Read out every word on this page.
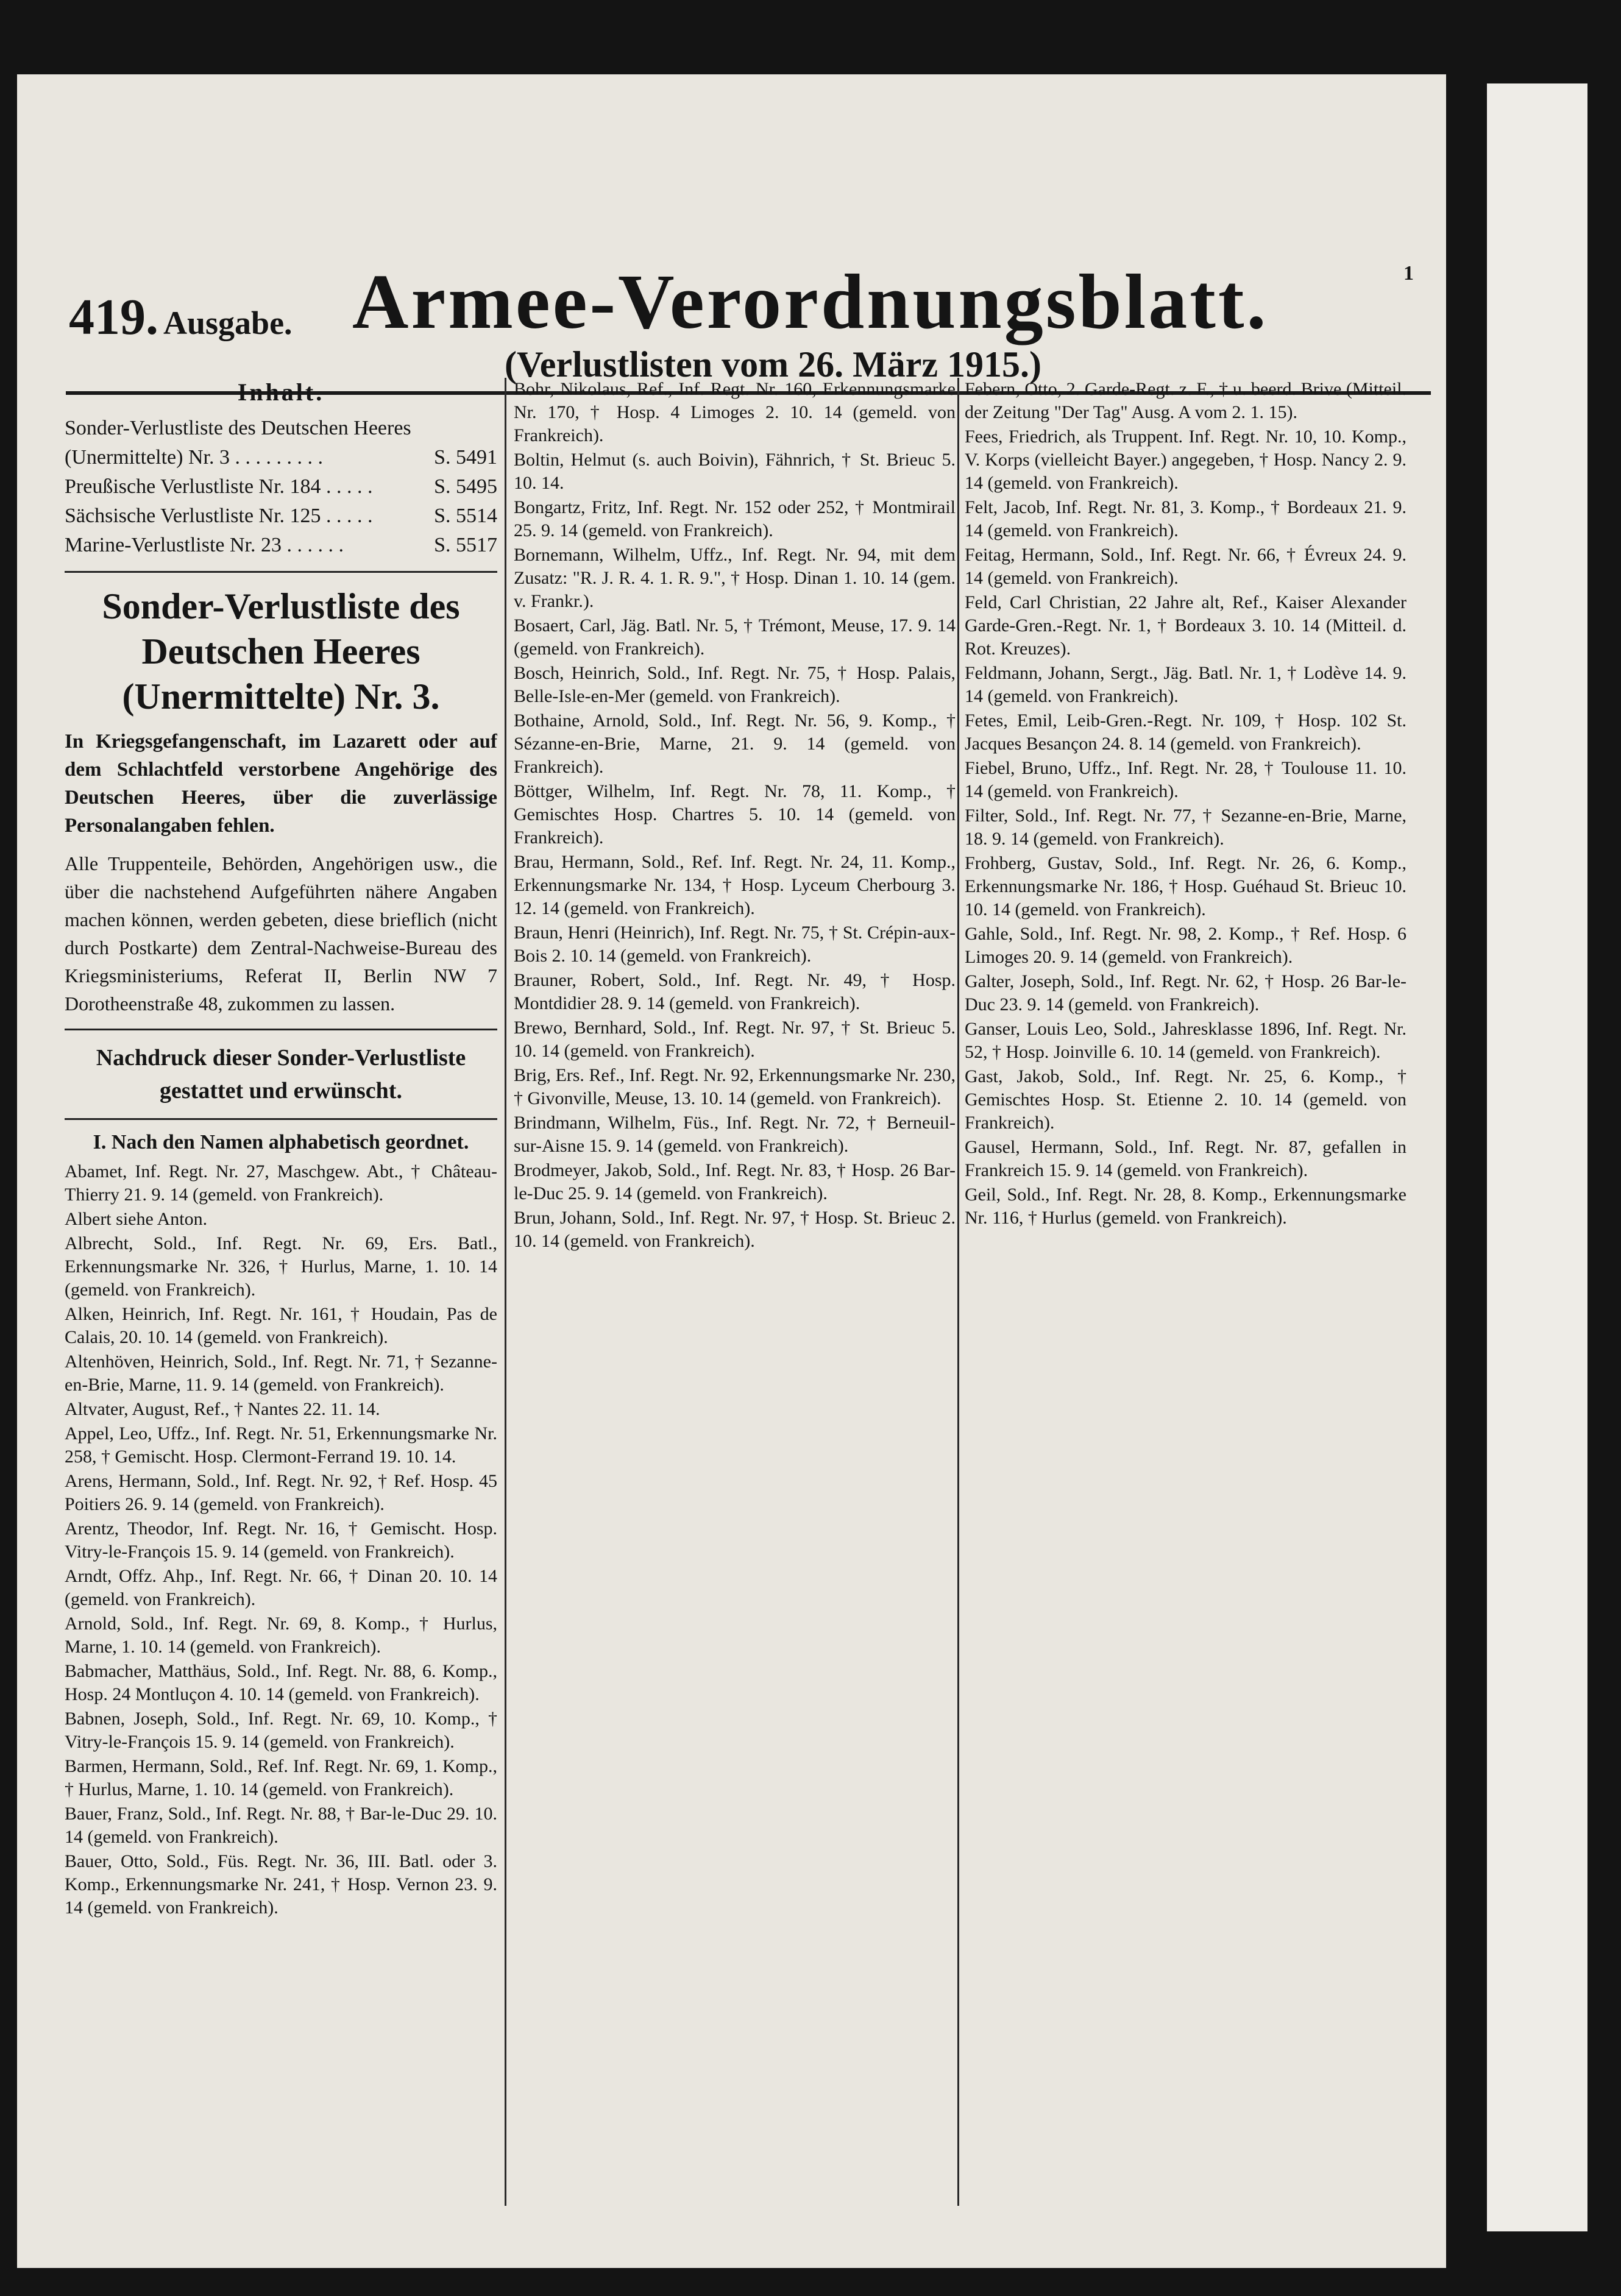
419. Ausgabe. Armee-Verordnungsblatt.
(Verlustlisten vom 26. März 1915.)
1
Inhalt.
Sonder-Verlustliste des Deutschen Heeres
(Unermittelte) Nr. 3 . . . . . . . . .	S. 5491
Preußische Verlustliste Nr. 184 . . . . .	S. 5495
Sächsische Verlustliste Nr. 125 . . . . .	S. 5514
Marine-Verlustliste Nr. 23 . . . . . .	S. 5517
Sonder-Verlustliste des Deutschen Heeres (Unermittelte) Nr. 3.
In Kriegsgefangenschaft, im Lazarett oder auf dem Schlachtfeld verstorbene Angehörige des Deutschen Heeres, über die zuverlässige Personalangaben fehlen.
Alle Truppenteile, Behörden, Angehörigen usw., die über die nachstehend Aufgeführten nähere Angaben machen können, werden gebeten, diese brieflich (nicht durch Postkarte) dem Zentral-Nachweise-Bureau des Kriegsministeriums, Referat II, Berlin NW 7 Dorotheenstraße 48, zukommen zu lassen.
Nachdruck dieser Sonder-Verlustliste gestattet und erwünscht.
I. Nach den Namen alphabetisch geordnet.
Abamet, Inf. Regt. Nr. 27, Maschgew. Abt., † Château-Thierry 21. 9. 14 (gemeld. von Frankreich).
Albert siehe Anton.
Albrecht, Sold., Inf. Regt. Nr. 69, Ers. Batl., Erkennungsmarke Nr. 326, † Hurlus, Marne, 1. 10. 14 (gemeld. von Frankreich).
Alken, Heinrich, Inf. Regt. Nr. 161, † Houdain, Pas de Calais, 20. 10. 14 (gemeld. von Frankreich).
Altenhöven, Heinrich, Sold., Inf. Regt. Nr. 71, † Sezanne-en-Brie, Marne, 11. 9. 14 (gemeld. von Frankreich).
Altvater, August, Ref., † Nantes 22. 11. 14.
Appel, Leo, Uffz., Inf. Regt. Nr. 51, Erkennungsmarke Nr. 258, † Gemischt. Hosp. Clermont-Ferrand 19. 10. 14.
Arens, Hermann, Sold., Inf. Regt. Nr. 92, † Ref. Hosp. 45 Poitiers 26. 9. 14 (gemeld. von Frankreich).
Arentz, Theodor, Inf. Regt. Nr. 16, † Gemischt. Hosp. Vitry-le-François 15. 9. 14 (gemeld. von Frankreich).
Arndt, Offz. Ahp., Inf. Regt. Nr. 66, † Dinan 20. 10. 14 (gemeld. von Frankreich).
Arnold, Sold., Inf. Regt. Nr. 69, 8. Komp., † Hurlus, Marne, 1. 10. 14 (gemeld. von Frankreich).
Babmacher, Matthäus, Sold., Inf. Regt. Nr. 88, 6. Komp., Hosp. 24 Montluçon 4. 10. 14 (gemeld. von Frankreich).
Babnen, Joseph, Sold., Inf. Regt. Nr. 69, 10. Komp., † Vitry-le-François 15. 9. 14 (gemeld. von Frankreich).
Barmen, Hermann, Sold., Ref. Inf. Regt. Nr. 69, 1. Komp., † Hurlus, Marne, 1. 10. 14 (gemeld. von Frankreich).
Bauer, Franz, Sold., Inf. Regt. Nr. 88, † Bar-le-Duc 29. 10. 14 (gemeld. von Frankreich).
Bauer, Otto, Sold., Füs. Regt. Nr. 36, III. Batl. oder 3. Komp., Erkennungsmarke Nr. 241, † Hosp. Vernon 23. 9. 14 (gemeld. von Frankreich).
Bohr, Nikolaus, Ref., Inf. Regt. Nr. 160, Erkennungsmarke Nr. 170, † Hosp. 4 Limoges 2. 10. 14 (gemeld. von Frankreich).
Boltin, Helmut (s. auch Boivin), Fähnrich, † St. Brieuc 5. 10. 14.
Bongartz, Fritz, Inf. Regt. Nr. 152 oder 252, † Montmirail 25. 9. 14 (gemeld. von Frankreich).
Bornemann, Wilhelm, Uffz., Inf. Regt. Nr. 94, mit dem Zusatz: "R. J. R. 4. 1. R. 9.", † Hosp. Dinan 1. 10. 14 (gem. v. Frankr.).
Bosaert, Carl, Jäg. Batl. Nr. 5, † Trémont, Meuse, 17. 9. 14 (gemeld. von Frankreich).
Bosch, Heinrich, Sold., Inf. Regt. Nr. 75, † Hosp. Palais, Belle-Isle-en-Mer (gemeld. von Frankreich).
Bothaine, Arnold, Sold., Inf. Regt. Nr. 56, 9. Komp., † Sézanne-en-Brie, Marne, 21. 9. 14 (gemeld. von Frankreich).
Böttger, Wilhelm, Inf. Regt. Nr. 78, 11. Komp., † Gemischtes Hosp. Chartres 5. 10. 14 (gemeld. von Frankreich).
Brau, Hermann, Sold., Ref. Inf. Regt. Nr. 24, 11. Komp., Erkennungsmarke Nr. 134, † Hosp. Lyceum Cherbourg 3. 12. 14 (gemeld. von Frankreich).
Braun, Henri (Heinrich), Inf. Regt. Nr. 75, † St. Crépin-aux-Bois 2. 10. 14 (gemeld. von Frankreich).
Brauner, Robert, Sold., Inf. Regt. Nr. 49, † Hosp. Montdidier 28. 9. 14 (gemeld. von Frankreich).
Brewo, Bernhard, Sold., Inf. Regt. Nr. 97, † St. Brieuc 5. 10. 14 (gemeld. von Frankreich).
Brig, Ers. Ref., Inf. Regt. Nr. 92, Erkennungsmarke Nr. 230, † Givonville, Meuse, 13. 10. 14 (gemeld. von Frankreich).
Brindmann, Wilhelm, Füs., Inf. Regt. Nr. 72, † Berneuil-sur-Aisne 15. 9. 14 (gemeld. von Frankreich).
Brodmeyer, Jakob, Sold., Inf. Regt. Nr. 83, † Hosp. 26 Bar-le-Duc 25. 9. 14 (gemeld. von Frankreich).
Brun, Johann, Sold., Inf. Regt. Nr. 97, † Hosp. St. Brieuc 2. 10. 14 (gemeld. von Frankreich).
Febern, Otto, 2. Garde-Regt. z. F., † u. beerd. Brive (Mitteil. der Zeitung "Der Tag" Ausg. A vom 2. 1. 15).
Fees, Friedrich, als Truppent. Inf. Regt. Nr. 10, 10. Komp., V. Korps (vielleicht Bayer.) angegeben, † Hosp. Nancy 2. 9. 14 (gemeld. von Frankreich).
Felt, Jacob, Inf. Regt. Nr. 81, 3. Komp., † Bordeaux 21. 9. 14 (gemeld. von Frankreich).
Feitag, Hermann, Sold., Inf. Regt. Nr. 66, † Évreux 24. 9. 14 (gemeld. von Frankreich).
Feld, Carl Christian, 22 Jahre alt, Ref., Kaiser Alexander Garde-Gren.-Regt. Nr. 1, † Bordeaux 3. 10. 14 (Mitteil. d. Rot. Kreuzes).
Feldmann, Johann, Sergt., Jäg. Batl. Nr. 1, † Lodève 14. 9. 14 (gemeld. von Frankreich).
Fetes, Emil, Leib-Gren.-Regt. Nr. 109, † Hosp. 102 St. Jacques Besançon 24. 8. 14 (gemeld. von Frankreich).
Fiebel, Bruno, Uffz., Inf. Regt. Nr. 28, † Toulouse 11. 10. 14 (gemeld. von Frankreich).
Filter, Sold., Inf. Regt. Nr. 77, † Sezanne-en-Brie, Marne, 18. 9. 14 (gemeld. von Frankreich).
Frohberg, Gustav, Sold., Inf. Regt. Nr. 26, 6. Komp., Erkennungsmarke Nr. 186, † Hosp. Guéhaud St. Brieuc 10. 10. 14 (gemeld. von Frankreich).
Gahle, Sold., Inf. Regt. Nr. 98, 2. Komp., † Ref. Hosp. 6 Limoges 20. 9. 14 (gemeld. von Frankreich).
Galter, Joseph, Sold., Inf. Regt. Nr. 62, † Hosp. 26 Bar-le-Duc 23. 9. 14 (gemeld. von Frankreich).
Ganser, Louis Leo, Sold., Jahresklasse 1896, Inf. Regt. Nr. 52, † Hosp. Joinville 6. 10. 14 (gemeld. von Frankreich).
Gast, Jakob, Sold., Inf. Regt. Nr. 25, 6. Komp., † Gemischtes Hosp. St. Etienne 2. 10. 14 (gemeld. von Frankreich).
Gausel, Hermann, Sold., Inf. Regt. Nr. 87, gefallen in Frankreich 15. 9. 14 (gemeld. von Frankreich).
Geil, Sold., Inf. Regt. Nr. 28, 8. Komp., Erkennungsmarke Nr. 116, † Hurlus (gemeld. von Frankreich).
